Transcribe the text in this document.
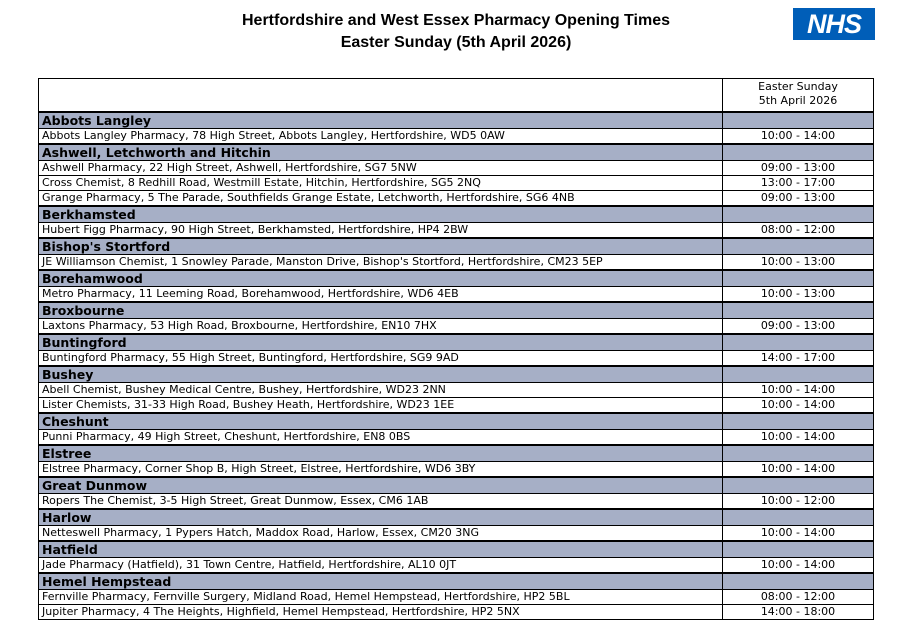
Hertfordshire and West Essex Pharmacy Opening Times
Easter Sunday (5th April 2026)
NHS

	Easter Sunday
5th April 2026

Abbots Langley	
Abbots Langley Pharmacy, 78 High Street, Abbots Langley, Hertfordshire, WD5 0AW	10:00 - 14:00
Ashwell, Letchworth and Hitchin	
Ashwell Pharmacy, 22 High Street, Ashwell, Hertfordshire, SG7 5NW	09:00 - 13:00
Cross Chemist, 8 Redhill Road, Westmill Estate, Hitchin, Hertfordshire, SG5 2NQ	13:00 - 17:00
Grange Pharmacy, 5 The Parade, Southfields Grange Estate, Letchworth, Hertfordshire, SG6 4NB	09:00 - 13:00
Berkhamsted	
Hubert Figg Pharmacy, 90 High Street, Berkhamsted, Hertfordshire, HP4 2BW	08:00 - 12:00
Bishop's Stortford	
JE Williamson Chemist, 1 Snowley Parade, Manston Drive, Bishop's Stortford, Hertfordshire, CM23 5EP	10:00 - 13:00
Borehamwood	
Metro Pharmacy, 11 Leeming Road, Borehamwood, Hertfordshire, WD6 4EB	10:00 - 13:00
Broxbourne	
Laxtons Pharmacy, 53 High Road, Broxbourne, Hertfordshire, EN10 7HX	09:00 - 13:00
Buntingford	
Buntingford Pharmacy, 55 High Street, Buntingford, Hertfordshire, SG9 9AD	14:00 - 17:00
Bushey	
Abell Chemist, Bushey Medical Centre, Bushey, Hertfordshire, WD23 2NN	10:00 - 14:00
Lister Chemists, 31-33 High Road, Bushey Heath, Hertfordshire, WD23 1EE	10:00 - 14:00
Cheshunt	
Punni Pharmacy, 49 High Street, Cheshunt, Hertfordshire, EN8 0BS	10:00 - 14:00
Elstree	
Elstree Pharmacy, Corner Shop B, High Street, Elstree, Hertfordshire, WD6 3BY	10:00 - 14:00
Great Dunmow	
Ropers The Chemist, 3-5 High Street, Great Dunmow, Essex, CM6 1AB	10:00 - 12:00
Harlow	
Netteswell Pharmacy, 1 Pypers Hatch, Maddox Road, Harlow, Essex, CM20 3NG	10:00 - 14:00
Hatfield	
Jade Pharmacy (Hatfield), 31 Town Centre, Hatfield, Hertfordshire, AL10 0JT	10:00 - 14:00
Hemel Hempstead	
Fernville Pharmacy, Fernville Surgery, Midland Road, Hemel Hempstead, Hertfordshire, HP2 5BL	08:00 - 12:00
Jupiter Pharmacy, 4 The Heights, Highfield, Hemel Hempstead, Hertfordshire, HP2 5NX	14:00 - 18:00
